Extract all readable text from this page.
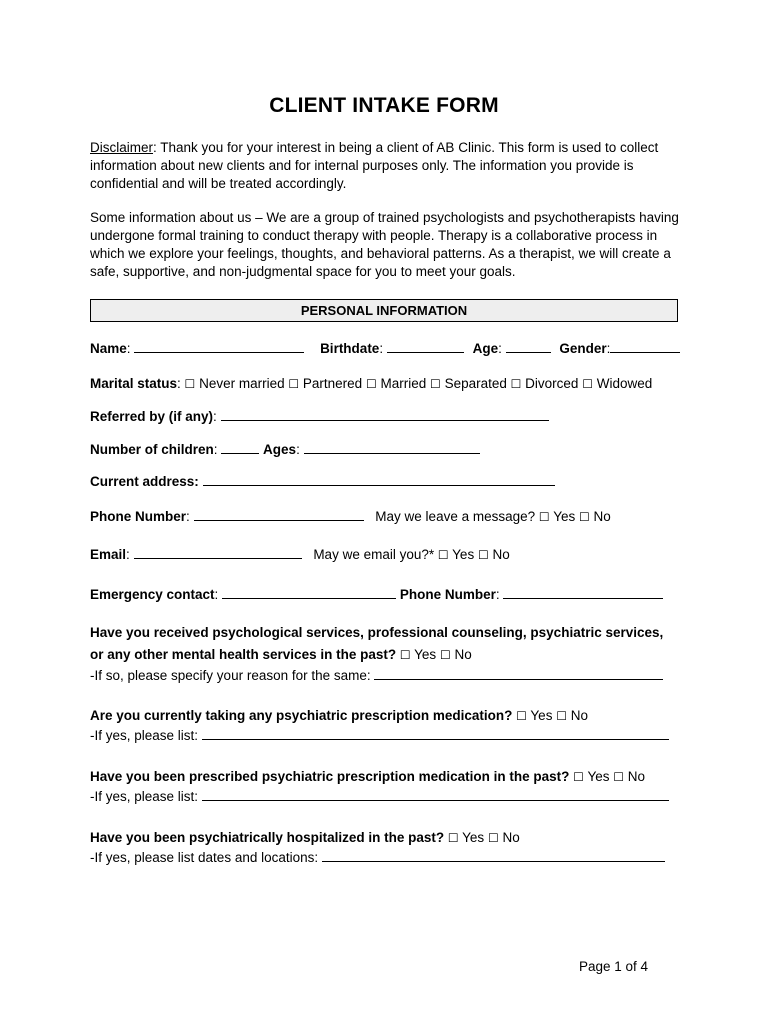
CLIENT INTAKE FORM
Disclaimer: Thank you for your interest in being a client of AB Clinic. This form is used to collect information about new clients and for internal purposes only. The information you provide is confidential and will be treated accordingly.
Some information about us – We are a group of trained psychologists and psychotherapists having undergone formal training to conduct therapy with people. Therapy is a collaborative process in which we explore your feelings, thoughts, and behavioral patterns. As a therapist, we will create a safe, supportive, and non-judgmental space for you to meet your goals.
PERSONAL INFORMATION
Name:	Birthdate:	Age:	Gender:
Marital status: ☐ Never married ☐ Partnered ☐ Married ☐ Separated ☐ Divorced ☐ Widowed
Referred by (if any):
Number of children:	Ages:
Current address:
Phone Number:	May we leave a message? ☐ Yes ☐ No
Email:	May we email you?* ☐ Yes ☐ No
Emergency contact:	Phone Number:
Have you received psychological services, professional counseling, psychiatric services,
or any other mental health services in the past? ☐ Yes ☐ No
-If so, please specify your reason for the same:
Are you currently taking any psychiatric prescription medication? ☐ Yes ☐ No
-If yes, please list:
Have you been prescribed psychiatric prescription medication in the past? ☐ Yes ☐ No
-If yes, please list:
Have you been psychiatrically hospitalized in the past? ☐ Yes ☐ No
-If yes, please list dates and locations:
Page 1 of 4
